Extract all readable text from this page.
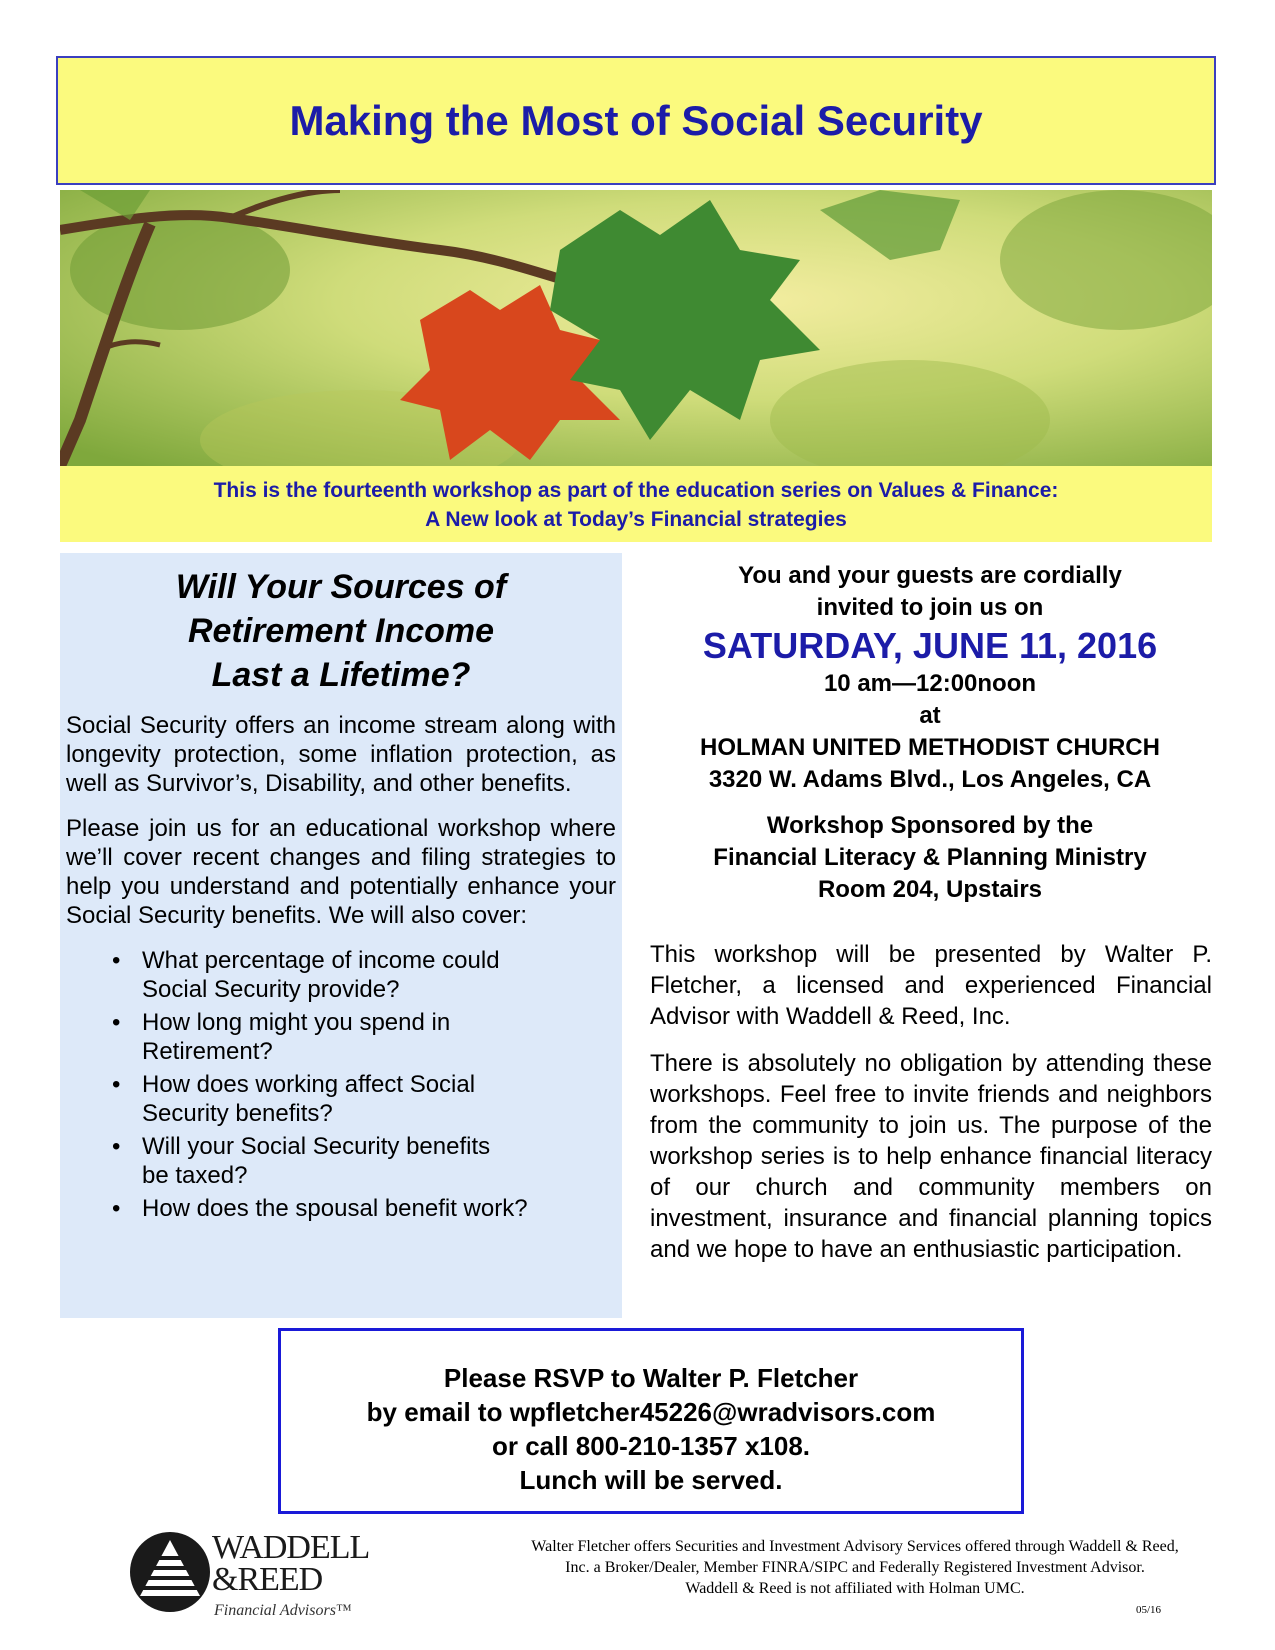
Making the Most of Social Security
This is the fourteenth workshop as part of the education series on Values & Finance:
A New look at Today’s Financial strategies
Will Your Sources of
Retirement Income
Last a Lifetime?

Social Security offers an income stream along with longevity protection, some inflation protection, as well as Survivor’s, Disability, and other benefits.

Please join us for an educational workshop where we’ll cover recent changes and filing strategies to help you understand and potentially enhance your Social Security benefits. We will also cover:

• What percentage of income could Social Security provide?
• How long might you spend in Retirement?
• How does working affect Social Security benefits?
• Will your Social Security benefits be taxed?
• How does the spousal benefit work?
You and your guests are cordially
invited to join us on
SATURDAY, JUNE 11, 2016
10 am—12:00noon
at
HOLMAN UNITED METHODIST CHURCH
3320 W. Adams Blvd., Los Angeles, CA
Workshop Sponsored by the
Financial Literacy & Planning Ministry
Room 204, Upstairs

This workshop will be presented by Walter P. Fletcher, a licensed and experienced Financial Advisor with Waddell & Reed, Inc.

There is absolutely no obligation by attending these workshops. Feel free to invite friends and neighbors from the community to join us. The purpose of the workshop series is to help enhance financial literacy of our church and community members on investment, insurance and financial planning topics and we hope to have an enthusiastic participation.

Please RSVP to Walter P. Fletcher
by email to wpfletcher45226@wradvisors.com
or call 800-210-1357 x108.
Lunch will be served.
WADDELL
&REED
Financial Advisors™
Walter Fletcher offers Securities and Investment Advisory Services offered through Waddell & Reed,
Inc. a Broker/Dealer, Member FINRA/SIPC and Federally Registered Investment Advisor.
Waddell & Reed is not affiliated with Holman UMC.
05/16
